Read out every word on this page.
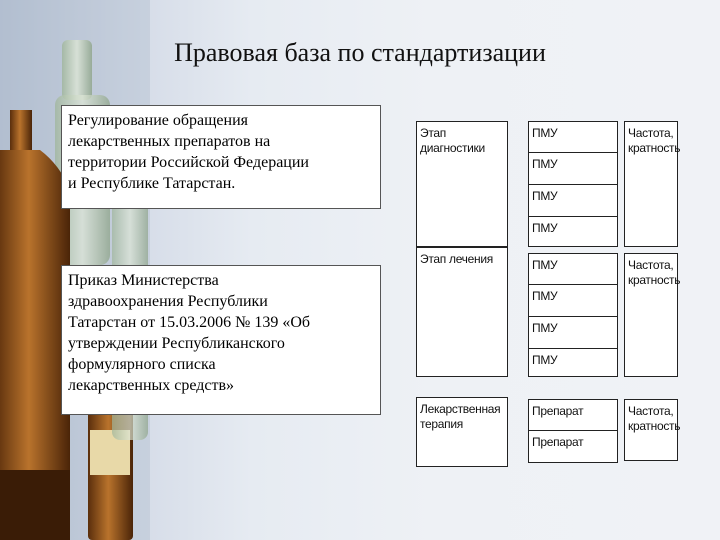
Правовая база по стандартизации
Регулирование обращения
лекарственных препаратов на
территории Российской Федерации
и Республике Татарстан.
Приказ Министерства
здравоохранения Республики
Татарстан от 15.03.2006 № 139 «Об
утверждении Республиканского
формулярного списка
лекарственных средств»
Этап диагностики
ПМУ
ПМУ
ПМУ
ПМУ
Частота,
кратность
Этап лечения	ПМУ
ПМУ
ПМУ
ПМУ
Частота,
кратность
Лекарственная
терапия
Препарат
Препарат
Частота,
кратность
